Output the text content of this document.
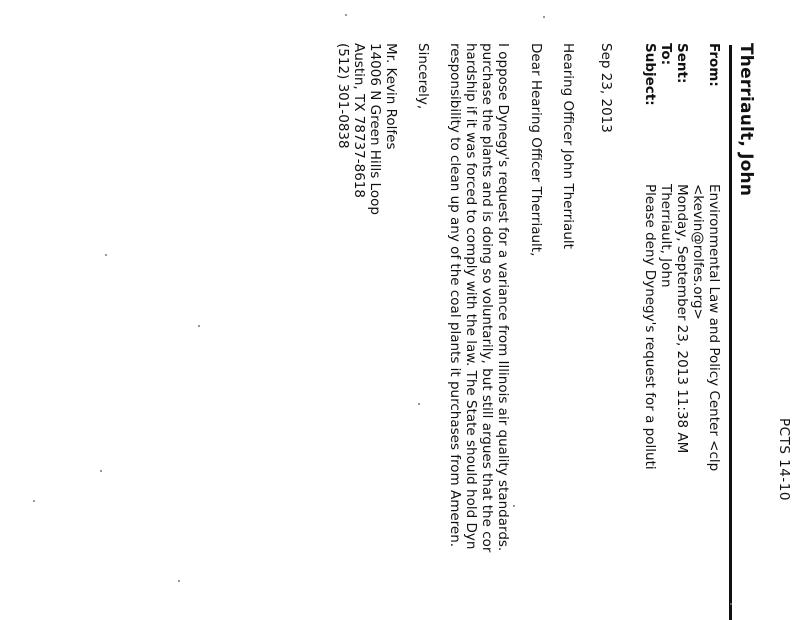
PCTS 14-10
Therriault, John
From:
Environmental Law and Policy Center <clp
<kevin@rolfes.org>
Sent:
Monday, September 23, 2013 11:38 AM
To:
Therriault, John
Subject:
Please deny Dynegy's request for a polluti
Sep 23, 2013
Hearing Officer John Therriault
Dear Hearing Officer Therriault,
I oppose Dynegy's request for a variance from Illinois air quality standards.
purchase the plants and is doing so voluntarily, but still argues that the cor
hardship if it was forced to comply with the law. The State should hold Dyn
responsibility to clean up any of the coal plants it purchases from Ameren.
Sincerely,
Mr. Kevin Rolfes
14006 N Green Hills Loop
Austin, TX 78737-8618
(512) 301-0838
